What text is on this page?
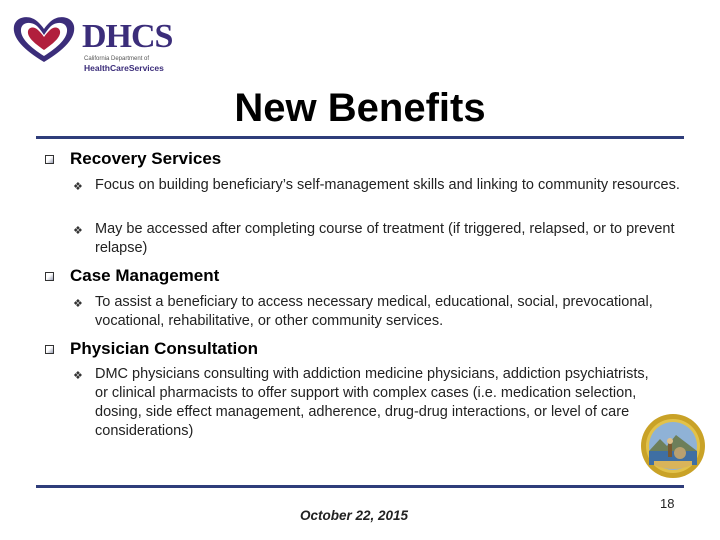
DHCS
California Department of
HealthCareServices
New Benefits
Recovery Services
❖ Focus on building beneficiary’s self-management skills and linking to community resources.
❖ May be accessed after completing course of treatment (if triggered, relapsed, or to prevent relapse)
Case Management
❖ To assist a beneficiary to access necessary medical, educational, social, prevocational, vocational, rehabilitative, or other community services.
Physician Consultation
❖ DMC physicians consulting with addiction medicine physicians, addiction psychiatrists, or clinical pharmacists to offer support with complex cases (i.e. medication selection, dosing, side effect management, adherence, drug-drug interactions, or level of care considerations)
October 22, 2015
18
